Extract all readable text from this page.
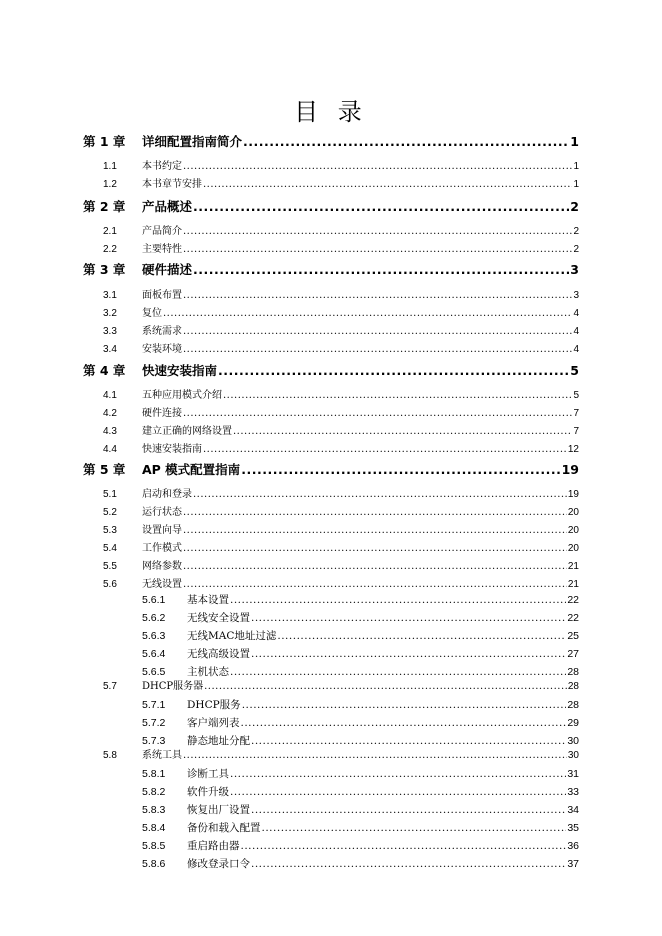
目 录
第 1 章 详细配置指南简介 .....	1
1.1	本书约定 .....	1
1.2	本书章节安排 .....	1
第 2 章 产品概述 .....	2
2.1	产品简介 .....	2
2.2	主要特性 .....	2
第 3 章 硬件描述 .....	3
3.1	面板布置 .....	3
3.2	复位 .....	4
3.3	系统需求 .....	4
3.4	安装环境 .....	4
第 4 章 快速安装指南 .....	5
4.1	五种应用模式介绍 .....	5
4.2	硬件连接 .....	7
4.3	建立正确的网络设置 .....	7
4.4	快速安装指南 .....	12
第 5 章 AP 模式配置指南 .....	19
5.1	启动和登录 .....	19
5.2	运行状态 .....	20
5.3	设置向导 .....	20
5.4	工作模式 .....	20
5.5	网络参数 .....	21
5.6	无线设置 .....	21
5.6.1 基本设置 .....	22
5.6.2 无线安全设置 .....	22
5.6.3 无线MAC地址过滤 .....	25
5.6.4 无线高级设置 .....	27
5.6.5 主机状态 .....	28
5.7	DHCP服务器 .....	28
5.7.1 DHCP服务 .....	28
5.7.2 客户端列表 .....	29
5.7.3 静态地址分配 .....	30
5.8	系统工具 .....	30
5.8.1 诊断工具 .....	31
5.8.2 软件升级 .....	33
5.8.3 恢复出厂设置 .....	34
5.8.4 备份和载入配置 .....	35
5.8.5 重启路由器 .....	36
5.8.6 修改登录口令 .....	37
